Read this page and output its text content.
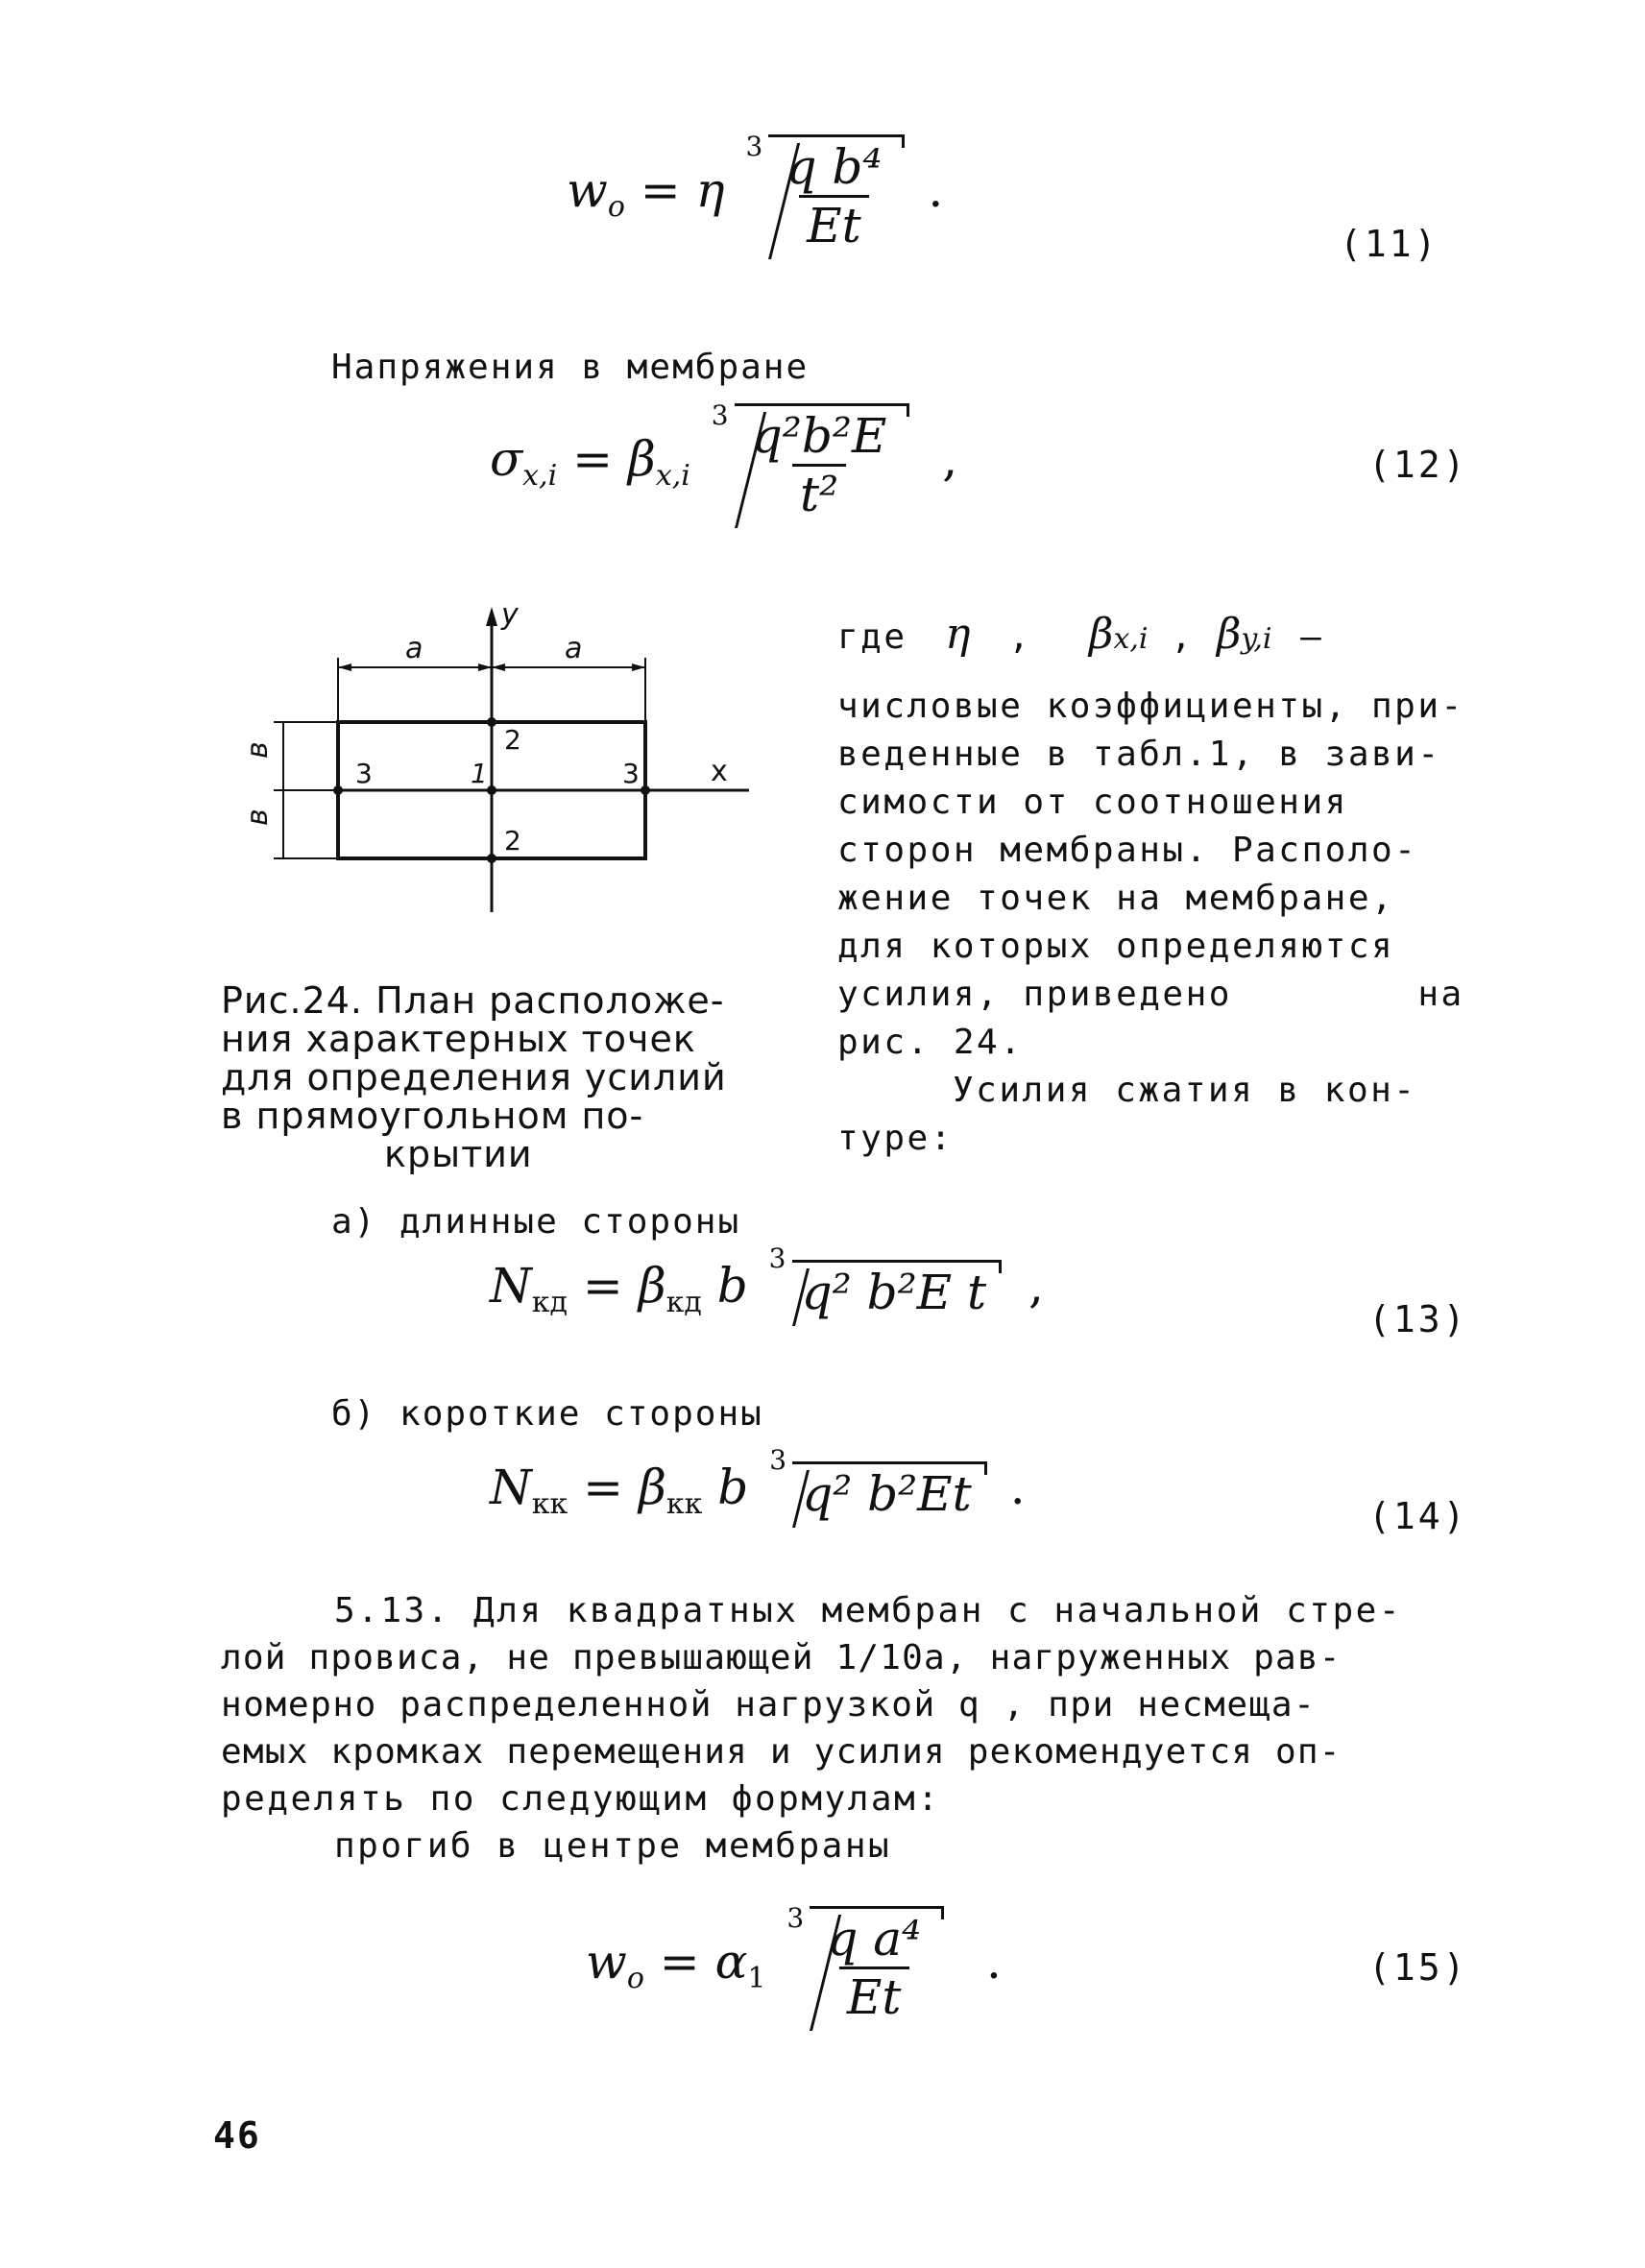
$w_o = \eta$
$3 \frac{\text{q b⁴}}{Et}$ .
(11)
Напряжения в мембране
$\sigma_{x,i} = \beta_{x,i}$
$3 \frac{\text{q²b²E}}{\text{t²}}$ ,	(12)
y
x
a	a
в
в
3	1	3
2
2
Рис.24. План расположе-
ния характерных точек
для определения усилий
в прямоугольном по-
крытии
где η , βx,i , βy,i –
числовые коэффициенты, при-
веденные в табл.1, в зави-
симости от соотношения
сторон мембраны. Располо-
жение точек на мембране,
для которых определяются
усилия, приведено        на
рис. 24.
Усилия сжатия в кон-
туре:
а) длинные стороны
$N_{кд} = \beta_{кд}$ b 3
q² b²E t ,
(13)
б) короткие стороны
$N_{кк} = \beta_{кк}$ b 3
q² b²Et .
(14)
5.13. Для квадратных мембран с начальной стре-
лой провиса, не превышающей 1/10а, нагруженных рав-
номерно распределенной нагрузкой q , при несмеща-
емых кромках перемещения и усилия рекомендуется оп-
ределять по следующим формулам:
прогиб в центре мембраны
$w_o = \alpha_1$
$3 \frac{\text{q a⁴}}{Et}$ .	(15)
46
